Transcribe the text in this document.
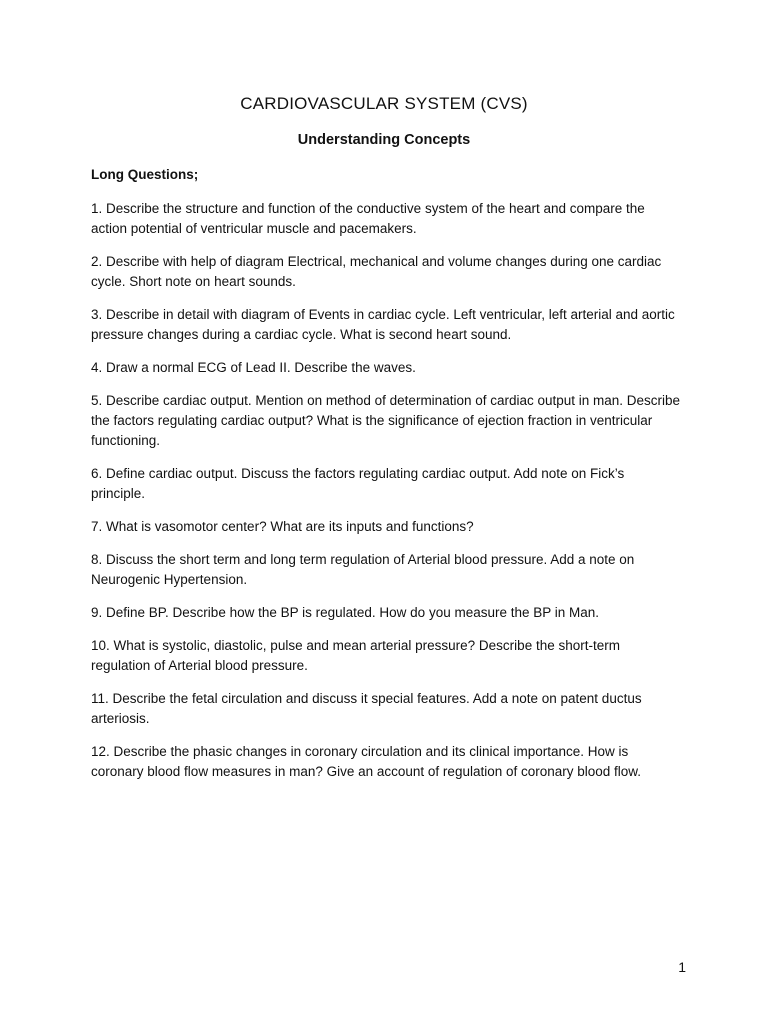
CARDIOVASCULAR SYSTEM (CVS)
Understanding Concepts
Long Questions;
1. Describe the structure and function of the conductive system of the heart and compare the action potential of ventricular muscle and pacemakers.
2. Describe with help of diagram Electrical, mechanical and volume changes during one cardiac cycle. Short note on heart sounds.
3. Describe in detail with diagram of Events in cardiac cycle. Left ventricular, left arterial and aortic pressure changes during a cardiac cycle. What is second heart sound.
4. Draw a normal ECG of Lead II. Describe the waves.
5. Describe cardiac output. Mention on method of determination of cardiac output in man. Describe the factors regulating cardiac output? What is the significance of ejection fraction in ventricular functioning.
6. Define cardiac output. Discuss the factors regulating cardiac output. Add note on Fick’s principle.
7. What is vasomotor center? What are its inputs and functions?
8. Discuss the short term and long term regulation of Arterial blood pressure. Add a note on Neurogenic Hypertension.
9. Define BP. Describe how the BP is regulated. How do you measure the BP in Man.
10. What is systolic, diastolic, pulse and mean arterial pressure? Describe the short-term regulation of Arterial blood pressure.
11. Describe the fetal circulation and discuss it special features. Add a note on patent ductus arteriosis.
12. Describe the phasic changes in coronary circulation and its clinical importance. How is coronary blood flow measures in man? Give an account of regulation of coronary blood flow.
1
